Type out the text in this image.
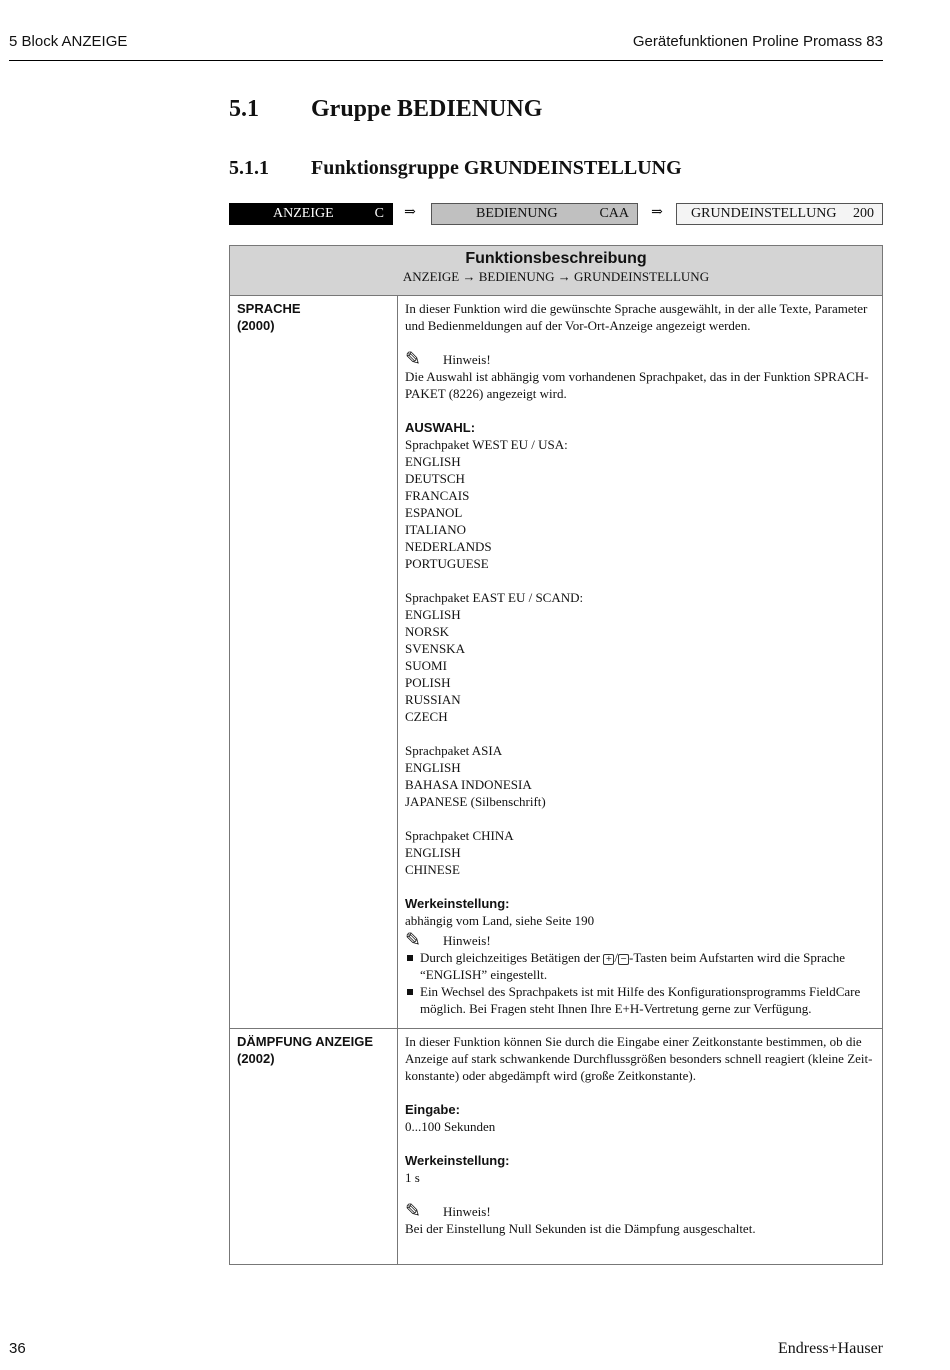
5 Block ANZEIGE	Gerätefunktionen Proline Promass 83
5.1 Gruppe BEDIENUNG
5.1.1 Funktionsgruppe GRUNDEINSTELLUNG
ANZEIGE	C	⇒	BEDIENUNG	CAA	⇒	GRUNDEINSTELLUNG 200
Funktionsbeschreibung
ANZEIGE → BEDIENUNG → GRUNDEINSTELLUNG
SPRACHE
(2000)

In dieser Funktion wird die gewünschte Sprache ausgewählt, in der alle Texte, Parameter und Bedienmeldungen auf der Vor-Ort-Anzeige angezeigt werden.

✎	Hinweis!

Die Auswahl ist abhängig vom vorhandenen Sprachpaket, das in der Funktion SPRACH-PAKET (8226) angezeigt wird.

AUSWAHL:

Sprachpaket WEST EU / USA:

ENGLISH

DEUTSCH

FRANCAIS

ESPANOL

ITALIANO

NEDERLANDS

PORTUGUESE

Sprachpaket EAST EU / SCAND:

ENGLISH

NORSK

SVENSKA

SUOMI

POLISH

RUSSIAN

CZECH

Sprachpaket ASIA

ENGLISH

BAHASA INDONESIA

JAPANESE (Silbenschrift)

Sprachpaket CHINA

ENGLISH

CHINESE

Werkeinstellung:

abhängig vom Land, siehe Seite 190

✎	Hinweis!
Durch gleichzeitiges Betätigen der + / − -Tasten beim Aufstarten wird die Sprache “ENGLISH” eingestellt.
Ein Wechsel des Sprachpakets ist mit Hilfe des Konfigurationsprogramms FieldCare möglich. Bei Fragen steht Ihnen Ihre E+H-Vertretung gerne zur Verfügung.
DÄMPFUNG ANZEIGE
(2002)

In dieser Funktion können Sie durch die Eingabe einer Zeitkonstante bestimmen, ob die Anzeige auf stark schwankende Durchflussgrößen besonders schnell reagiert (kleine Zeit-konstante) oder abgedämpft wird (große Zeitkonstante).

Eingabe:

0...100 Sekunden

Werkeinstellung:

1 s

✎	Hinweis!

Bei der Einstellung Null Sekunden ist die Dämpfung ausgeschaltet.

36	Endress+Hauser
